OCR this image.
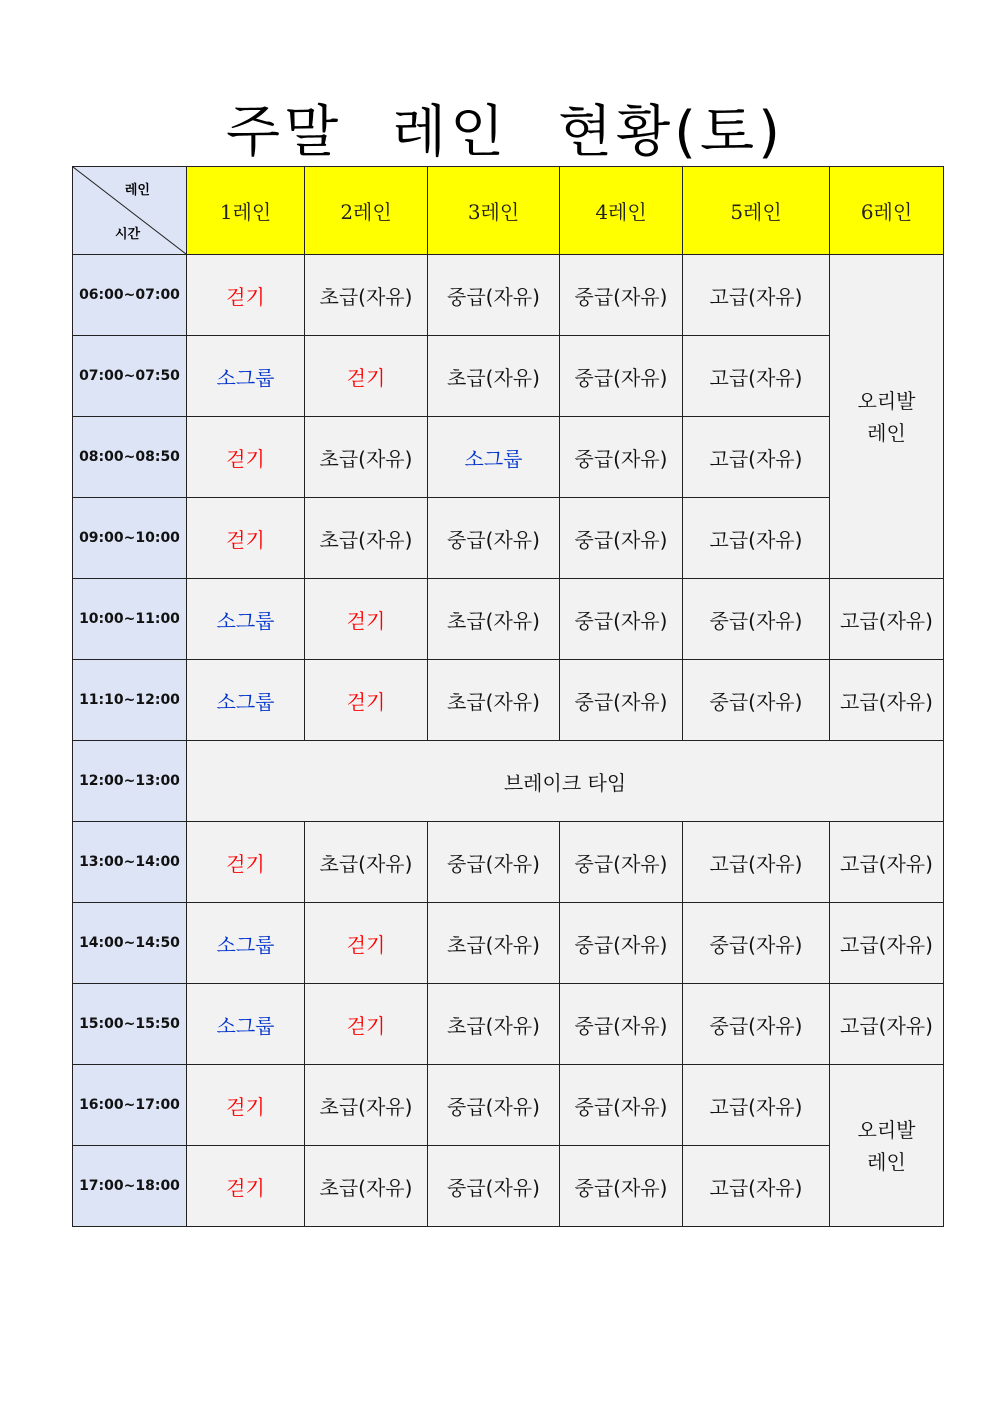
주말 레인 현황(토)
레인
시간	1레인	2레인	3레인	4레인	5레인	6레인
06:00~07:00	걷기	초급(자유)	중급(자유)	중급(자유)	고급(자유)	오리발
레인

07:00~07:50	소그룹	걷기	초급(자유)	중급(자유)	고급(자유)	
08:00~08:50	걷기	초급(자유)	소그룹	중급(자유)	고급(자유)	
09:00~10:00	걷기	초급(자유)	중급(자유)	중급(자유)	고급(자유)	
10:00~11:00	소그룹	걷기	초급(자유)	중급(자유)	중급(자유)	고급(자유)
11:10~12:00	소그룹	걷기	초급(자유)	중급(자유)	중급(자유)	고급(자유)
12:00~13:00	브레이크 타임					
13:00~14:00	걷기	초급(자유)	중급(자유)	중급(자유)	고급(자유)	고급(자유)
14:00~14:50	소그룹	걷기	초급(자유)	중급(자유)	중급(자유)	고급(자유)
15:00~15:50	소그룹	걷기	초급(자유)	중급(자유)	중급(자유)	고급(자유)
16:00~17:00	걷기	초급(자유)	중급(자유)	중급(자유)	고급(자유)	오리발
레인

17:00~18:00	걷기	초급(자유)	중급(자유)	중급(자유)	고급(자유)	
